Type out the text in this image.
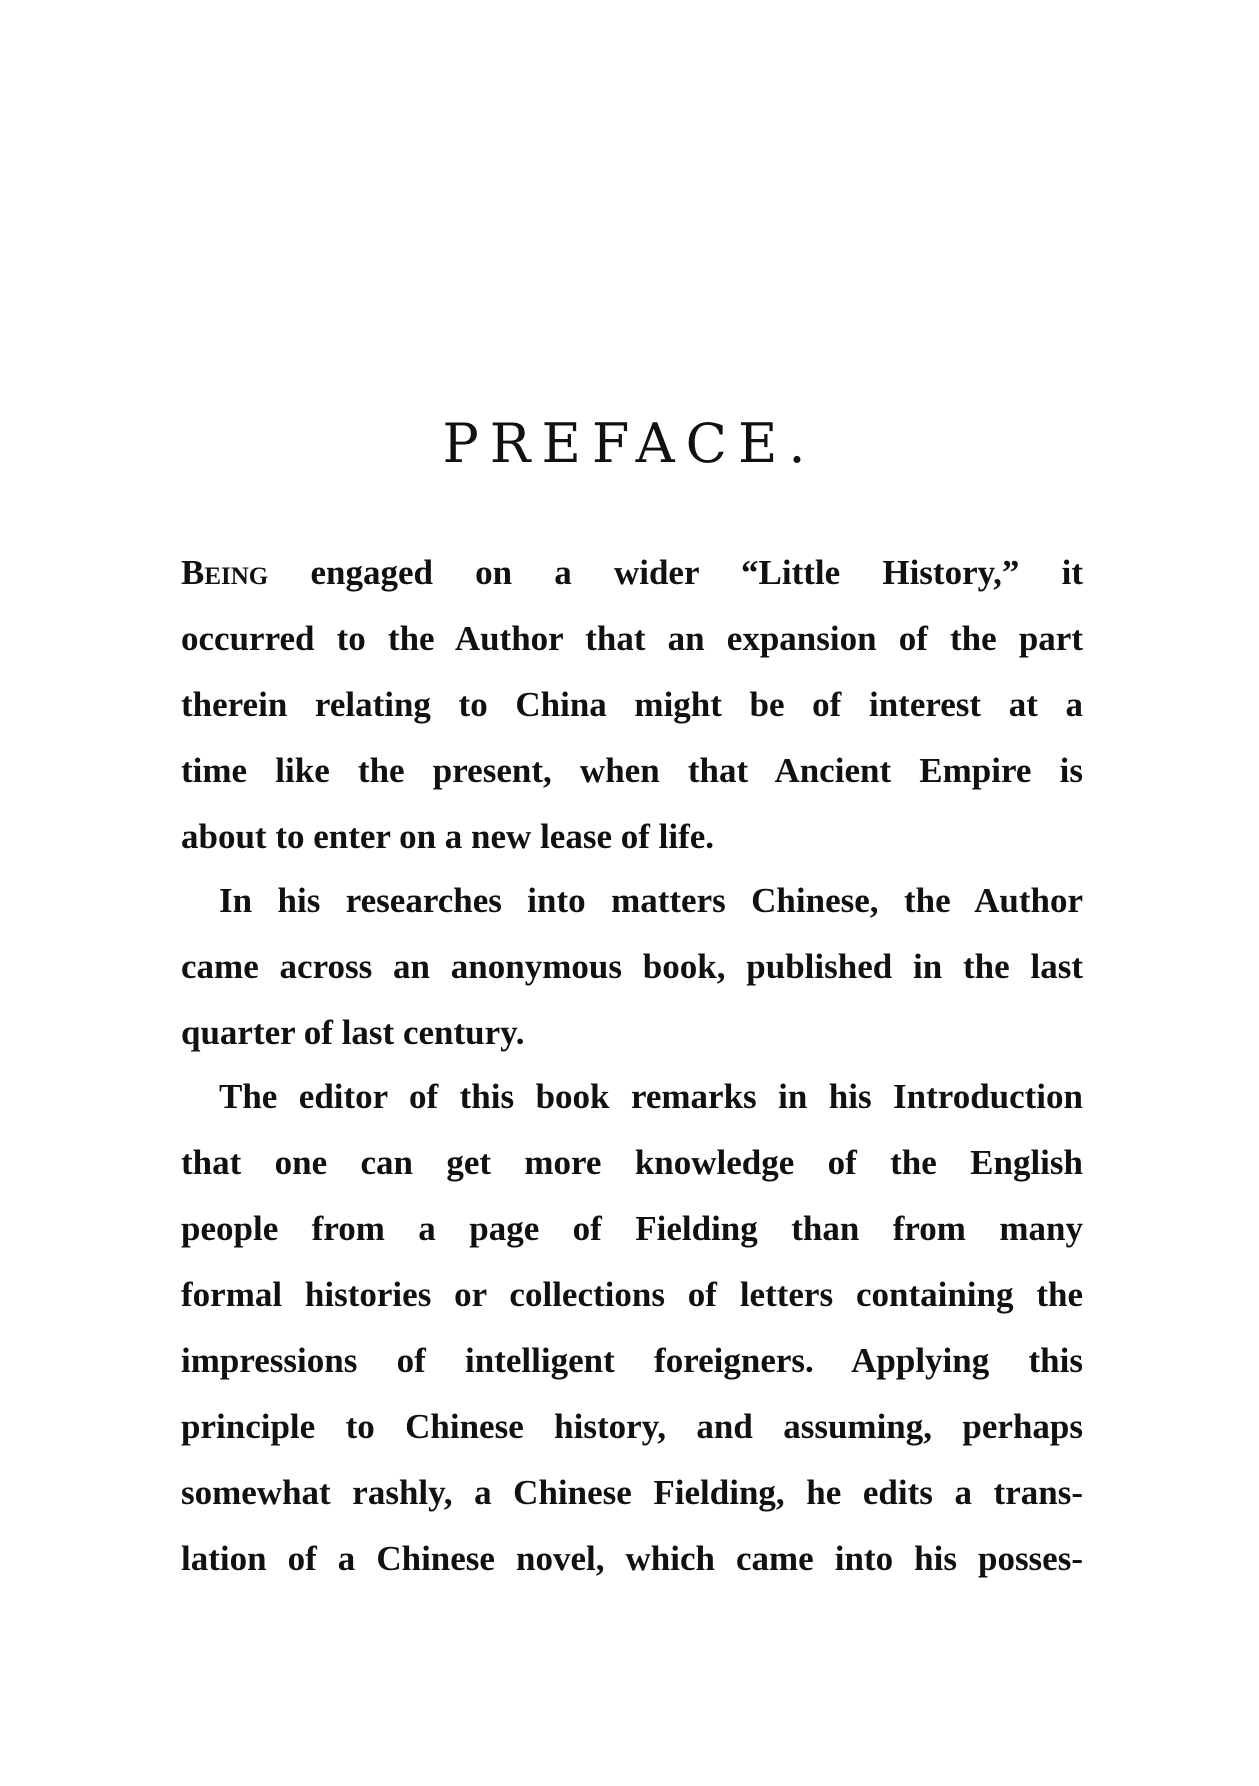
PREFACE.
Being engaged on a wider “Little History,” it
occurred to the Author that an expansion of the part
therein relating to China might be of interest at a
time like the present, when that Ancient Empire is
about to enter on a new lease of life.
In his researches into matters Chinese, the Author
came across an anonymous book, published in the last
quarter of last century.
The editor of this book remarks in his Introduction
that one can get more knowledge of the English
people from a page of Fielding than from many
formal histories or collections of letters containing the
impressions of intelligent foreigners. Applying this
principle to Chinese history, and assuming, perhaps
somewhat rashly, a Chinese Fielding, he edits a trans-
lation of a Chinese novel, which came into his posses-
